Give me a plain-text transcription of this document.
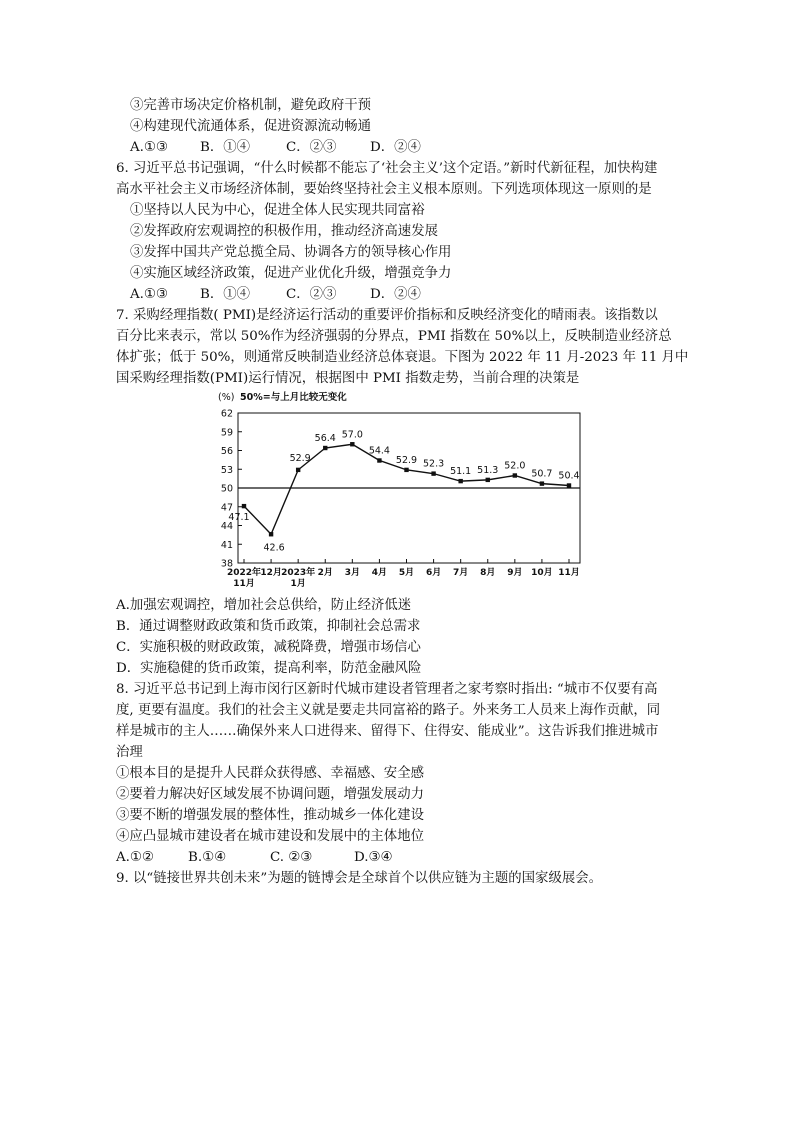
③完善市场决定价格机制，避免政府干预
④构建现代流通体系，促进资源流动畅通
A.①③ B．①④	C．②③	D．②④
6. 习近平总书记强调，“什么时候都不能忘了‘社会主义’这个定语。”新时代新征程，加快构建
高水平社会主义市场经济体制，要始终坚持社会主义根本原则。下列选项体现这一原则的是
①坚持以人民为中心，促进全体人民实现共同富裕
②发挥政府宏观调控的积极作用，推动经济高速发展
③发挥中国共产党总揽全局、协调各方的领导核心作用
④实施区域经济政策，促进产业优化升级，增强竞争力
A.①③ B．①④	C．②③	D．②④
7. 采购经理指数( PMI)是经济运行活动的重要评价指标和反映经济变化的晴雨表。该指数以
百分比来表示，常以 50%作为经济强弱的分界点，PMI 指数在 50%以上，反映制造业经济总
体扩张；低于 50%，则通常反映制造业经济总体衰退。下图为 2022 年 11 月-2023 年 11 月中
国采购经理指数(PMI)运行情况，根据图中 PMI 指数走势，当前合理的决策是
(%) 50%=与上月比较无变化
38
41
44
47
50
53
56
59
62
2022年
11月
12月 2023年
1月
2月 3月 4月 5月 6月 7月 8月 9月 10月 11月
47.1
42.6
52.9
56.4 57.0
54.4
52.9 52.3
51.1 51.3 52.0
50.7 50.4
A.加强宏观调控，增加社会总供给，防止经济低迷
B．通过调整财政政策和货币政策，抑制社会总需求
C．实施积极的财政政策，减税降费，增强市场信心
D．实施稳健的货币政策，提高利率，防范金融风险
8. 习近平总书记到上海市闵行区新时代城市建设者管理者之家考察时指出: “城市不仅要有高
度, 更要有温度。我们的社会主义就是要走共同富裕的路子。外来务工人员来上海作贡献，同
样是城市的主人……确保外来人口进得来、留得下、住得安、能成业”。这告诉我们推进城市
治理
①根本目的是提升人民群众获得感、幸福感、安全感
②要着力解决好区域发展不协调问题，增强发展动力
③要不断的增强发展的整体性，推动城乡一体化建设
④应凸显城市建设者在城市建设和发展中的主体地位
A.①②	B.①④	C. ②③	D.③④
9. 以“链接世界共创未来”为题的链博会是全球首个以供应链为主题的国家级展会。
